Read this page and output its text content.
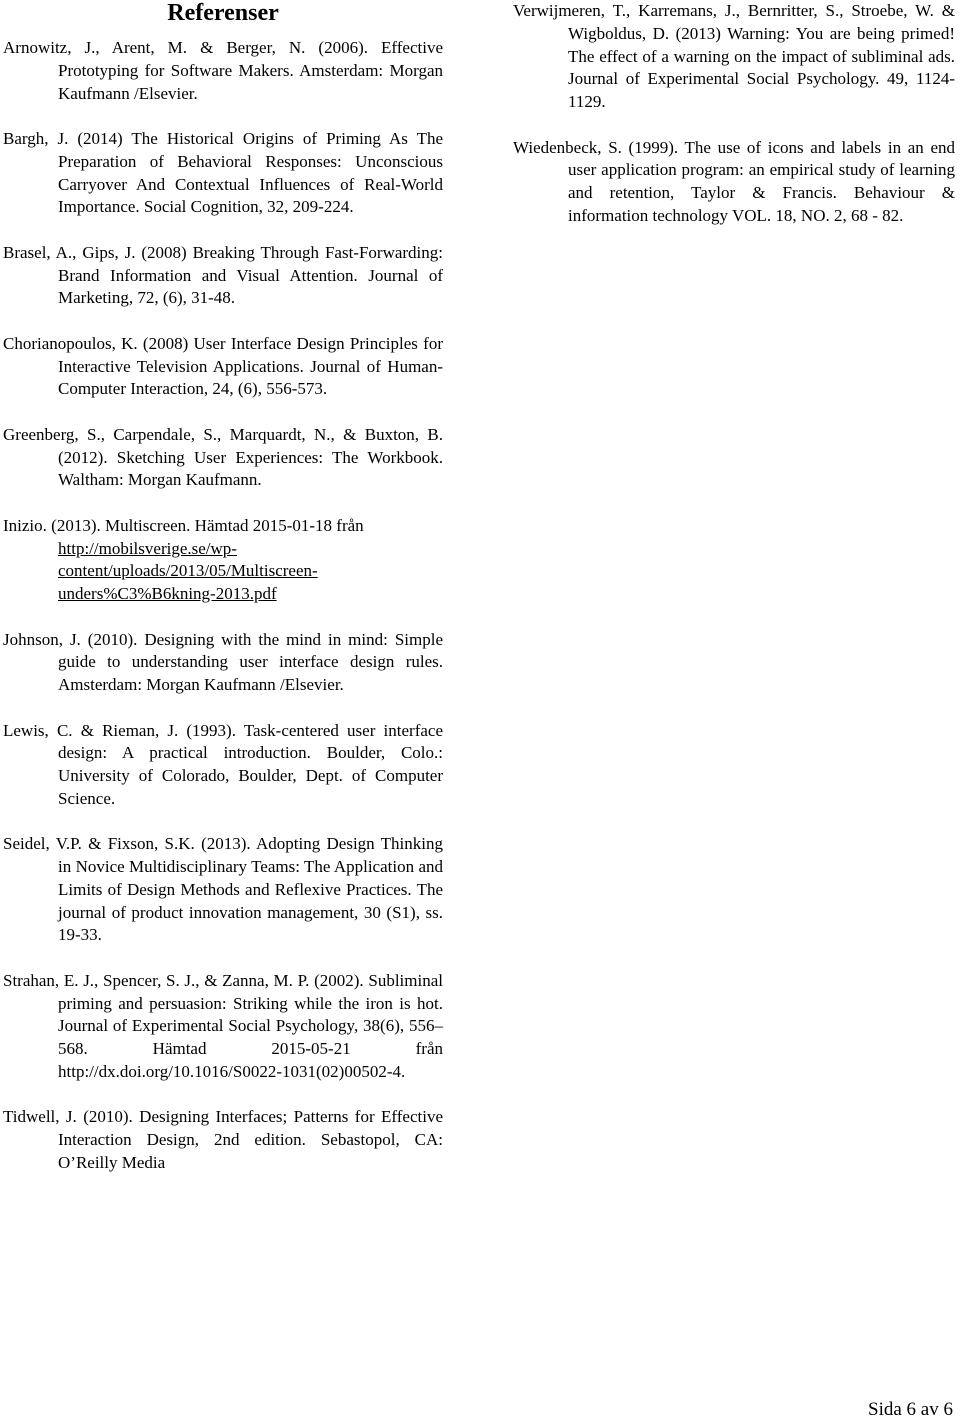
Referenser

Arnowitz, J., Arent, M. & Berger, N. (2006). Effective Prototyping for Software Makers. Amsterdam: Morgan Kaufmann /Elsevier.

Bargh, J. (2014) The Historical Origins of Priming As The Preparation of Behavioral Responses: Unconscious Carryover And Contextual Influences of Real-World Importance. Social Cognition, 32, 209-224.

Brasel, A., Gips, J. (2008) Breaking Through Fast-Forwarding: Brand Information and Visual Attention. Journal of Marketing, 72, (6), 31-48.

Chorianopoulos, K. (2008) User Interface Design Principles for Interactive Television Applications. Journal of Human-Computer Interaction, 24, (6), 556-573.

Greenberg, S., Carpendale, S., Marquardt, N., & Buxton, B. (2012). Sketching User Experiences: The Workbook. Waltham: Morgan Kaufmann.

Inizio. (2013). Multiscreen. Hämtad 2015-01-18 från
http://mobilsverige.se/wp-
content/uploads/2013/05/Multiscreen-
unders%C3%B6kning-2013.pdf

Johnson, J. (2010). Designing with the mind in mind: Simple guide to understanding user interface design rules. Amsterdam: Morgan Kaufmann /Elsevier.

Lewis, C. & Rieman, J. (1993). Task-centered user interface design: A practical introduction. Boulder, Colo.: University of Colorado, Boulder, Dept. of Computer Science.

Seidel, V.P. & Fixson, S.K. (2013). Adopting Design Thinking in Novice Multidisciplinary Teams: The Application and Limits of Design Methods and Reflexive Practices. The journal of product innovation management, 30 (S1), ss. 19-33.

Strahan, E. J., Spencer, S. J., & Zanna, M. P. (2002). Subliminal priming and persuasion: Striking while the iron is hot. Journal of Experimental Social Psychology, 38(6), 556–568. Hämtad 2015-05-21 från http://dx.doi.org/10.1016/S0022-1031(02)00502-4.

Tidwell, J. (2010). Designing Interfaces; Patterns for Effective Interaction Design, 2nd edition. Sebastopol, CA: O’Reilly Media

Verwijmeren, T., Karremans, J., Bernritter, S., Stroebe, W. & Wigboldus, D. (2013) Warning: You are being primed! The effect of a warning on the impact of subliminal ads. Journal of Experimental Social Psychology. 49, 1124-1129.

Wiedenbeck, S. (1999). The use of icons and labels in an end user application program: an empirical study of learning and retention, Taylor & Francis. Behaviour & information technology VOL. 18, NO. 2, 68 - 82.

Sida 6 av 6
